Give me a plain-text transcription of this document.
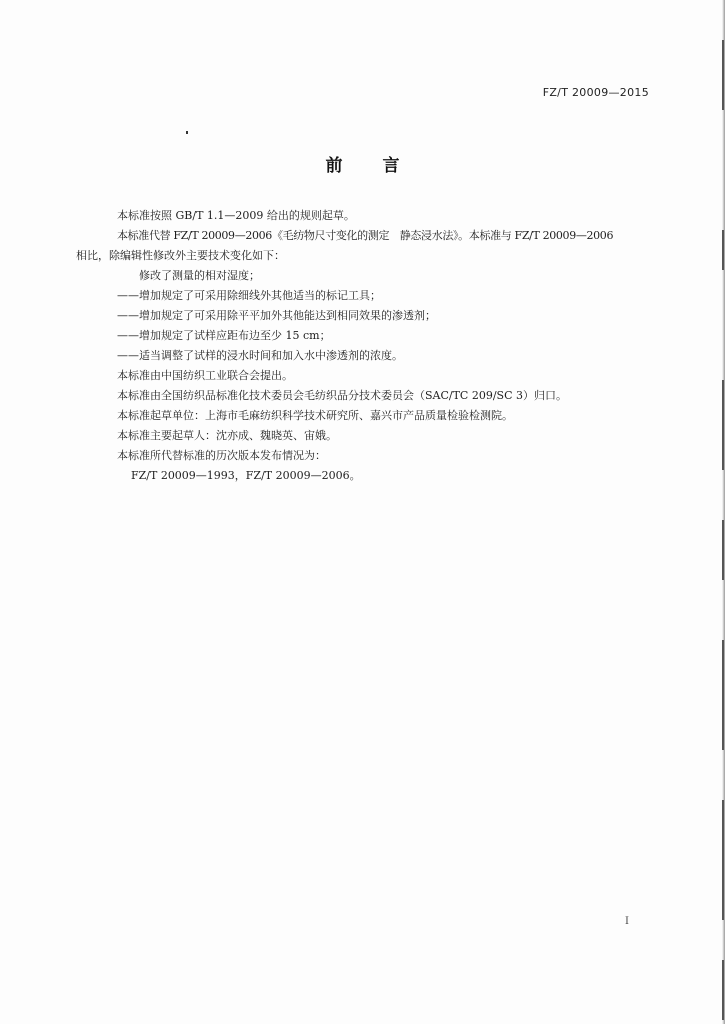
FZ/T 20009—2015
前 言
本标准按照 GB/T 1.1—2009 给出的规则起草。
本标准代替 FZ/T 20009—2006《毛纺物尺寸变化的测定　静态浸水法》。本标准与 FZ/T 20009—2006
相比，除编辑性修改外主要技术变化如下：
修改了测量的相对湿度；
——增加规定了可采用除细线外其他适当的标记工具；
——增加规定了可采用除平平加外其他能达到相同效果的渗透剂；
——增加规定了试样应距布边至少 15 cm；
——适当调整了试样的浸水时间和加入水中渗透剂的浓度。
本标准由中国纺织工业联合会提出。
本标准由全国纺织品标准化技术委员会毛纺织品分技术委员会（SAC/TC 209/SC 3）归口。
本标准起草单位：上海市毛麻纺织科学技术研究所、嘉兴市产品质量检验检测院。
本标准主要起草人：沈亦成、魏晓英、宙娥。
本标准所代替标准的历次版本发布情况为：
FZ/T 20009—1993，FZ/T 20009—2006。
I
